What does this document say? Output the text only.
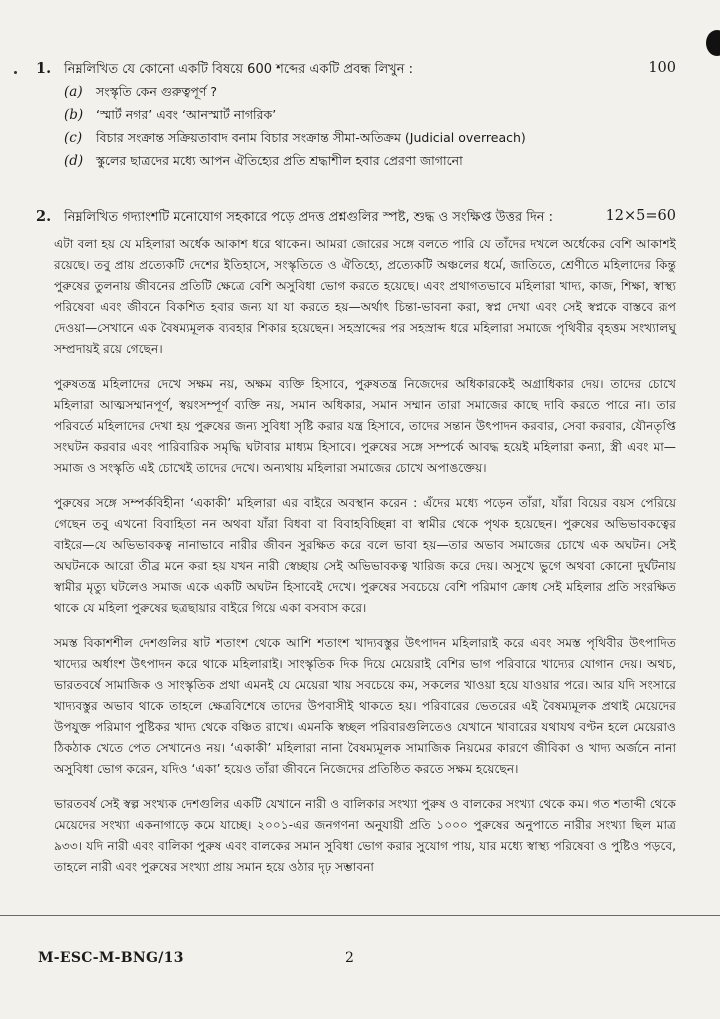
1. নিম্নলিখিত যে কোনো একটি বিষয়ে 600 শব্দের একটি প্রবন্ধ লিখুন :	100
(a)	সংস্কৃতি কেন গুরুত্বপূর্ণ ?
(b)	‘স্মার্ট নগর’ এবং ‘আনস্মার্ট নাগরিক’
(c)	বিচার সংক্রান্ত সক্রিয়তাবাদ বনাম বিচার সংক্রান্ত সীমা-অতিক্রম (Judicial overreach)
(d)	স্কুলের ছাত্রদের মধ্যে আপন ঐতিহ্যের প্রতি শ্রদ্ধাশীল হবার প্রেরণা জাগানো
2. নিম্নলিখিত গদ্যাংশটি মনোযোগ সহকারে পড়ে প্রদত্ত প্রশ্নগুলির স্পষ্ট, শুদ্ধ ও সংক্ষিপ্ত উত্তর দিন :	12×5=60

এটা বলা হয় যে মহিলারা অর্ধেক আকাশ ধরে থাকেন। আমরা জোরের সঙ্গে বলতে পারি যে তাঁদের দখলে অর্ধেকের বেশি আকাশই রয়েছে। তবু প্রায় প্রত্যেকটি দেশের ইতিহাসে, সংস্কৃতিতে ও ঐতিহ্যে, প্রত্যেকটি অঞ্চলের ধর্মে, জাতিতে, শ্রেণীতে মহিলাদের কিন্তু পুরুষের তুলনায় জীবনের প্রতিটি ক্ষেত্রে বেশি অসুবিধা ভোগ করতে হয়েছে। এবং প্রথাগতভাবে মহিলারা খাদ্য, কাজ, শিক্ষা, স্বাস্থ্য পরিষেবা এবং জীবনে বিকশিত হবার জন্য যা যা করতে হয়—অর্থাৎ চিন্তা-ভাবনা করা, স্বপ্ন দেখা এবং সেই স্বপ্নকে বাস্তবে রূপ দেওয়া—সেখানে এক বৈষম্যমূলক ব্যবহার শিকার হয়েছেন। সহস্রাব্দের পর সহস্রাব্দ ধরে মহিলারা সমাজে পৃথিবীর বৃহত্তম সংখ্যালঘু সম্প্রদায়ই রয়ে গেছেন।

পুরুষতন্ত্র মহিলাদের দেখে সক্ষম নয়, অক্ষম ব্যক্তি হিসাবে, পুরুষতন্ত্র নিজেদের অধিকারকেই অগ্রাধিকার দেয়। তাদের চোখে মহিলারা আত্মসম্মানপূর্ণ, স্বয়ংসম্পূর্ণ ব্যক্তি নয়, সমান অধিকার, সমান সম্মান তারা সমাজের কাছে দাবি করতে পারে না। তার পরিবর্তে মহিলাদের দেখা হয় পুরুষের জন্য সুবিধা সৃষ্টি করার যন্ত্র হিসাবে, তাদের সন্তান উৎপাদন করবার, সেবা করবার, যৌনতৃপ্তি সংঘটন করবার এবং পারিবারিক সমৃদ্ধি ঘটাবার মাধ্যম হিসাবে। পুরুষের সঙ্গে সম্পর্কে আবদ্ধ হয়েই মহিলারা কন্যা, স্ত্রী এবং মা—সমাজ ও সংস্কৃতি এই চোখেই তাদের দেখে। অন্যথায় মহিলারা সমাজের চোখে অপাঙক্তেয়।

পুরুষের সঙ্গে সম্পর্কবিহীনা ‘একাকী’ মহিলারা এর বাইরে অবস্থান করেন : এঁদের মধ্যে পড়েন তাঁরা, যাঁরা বিয়ের বয়স পেরিয়ে গেছেন তবু এখনো বিবাহিতা নন অথবা যাঁরা বিধবা বা বিবাহবিচ্ছিন্না বা স্বামীর থেকে পৃথক হয়েছেন। পুরুষের অভিভাবকত্বের বাইরে—যে অভিভাবকত্ব নানাভাবে নারীর জীবন সুরক্ষিত করে বলে ভাবা হয়—তার অভাব সমাজের চোখে এক অঘটন। সেই অঘটনকে আরো তীব্র মনে করা হয় যখন নারী স্বেচ্ছায় সেই অভিভাবকত্ব খারিজ করে দেয়। অসুখে ভুগে অথবা কোনো দুর্ঘটনায় স্বামীর মৃত্যু ঘটলেও সমাজ একে একটি অঘটন হিসাবেই দেখে। পুরুষের সবচেয়ে বেশি পরিমাণ ক্রোধ সেই মহিলার প্রতি সংরক্ষিত থাকে যে মহিলা পুরুষের ছত্রছায়ার বাইরে গিয়ে একা বসবাস করে।

সমস্ত বিকাশশীল দেশগুলির ষাট শতাংশ থেকে আশি শতাংশ খাদ্যবস্তুর উৎপাদন মহিলারাই করে এবং সমস্ত পৃথিবীর উৎপাদিত খাদ্যের অর্ধাংশ উৎপাদন করে থাকে মহিলারাই। সাংস্কৃতিক দিক দিয়ে মেয়েরাই বেশির ভাগ পরিবারে খাদ্যের যোগান দেয়। অথচ, ভারতবর্ষে সামাজিক ও সাংস্কৃতিক প্রথা এমনই যে মেয়েরা খায় সবচেয়ে কম, সকলের খাওয়া হয়ে যাওয়ার পরে। আর যদি সংসারে খাদ্যবস্তুর অভাব থাকে তাহলে ক্ষেত্রবিশেষে তাদের উপবাসীই থাকতে হয়। পরিবারের ভেতরের এই বৈষম্যমূলক প্রথাই মেয়েদের উপযুক্ত পরিমাণ পুষ্টিকর খাদ্য থেকে বঞ্চিত রাখে। এমনকি স্বচ্ছল পরিবারগুলিতেও যেখানে খাবারের যথাযথ বণ্টন হলে মেয়েরাও ঠিকঠাক খেতে পেত সেখানেও নয়। ‘একাকী’ মহিলারা নানা বৈষম্যমূলক সামাজিক নিয়মের কারণে জীবিকা ও খাদ্য অর্জনে নানা অসুবিধা ভোগ করেন, যদিও ‘একা’ হয়েও তাঁরা জীবনে নিজেদের প্রতিষ্ঠিত করতে সক্ষম হয়েছেন।

ভারতবর্ষ সেই স্বল্প সংখ্যক দেশগুলির একটি যেখানে নারী ও বালিকার সংখ্যা পুরুষ ও বালকের সংখ্যা থেকে কম। গত শতাব্দী থেকে মেয়েদের সংখ্যা একনাগাড়ে কমে যাচ্ছে। ২০০১-এর জনগণনা অনুযায়ী প্রতি ১০০০ পুরুষের অনুপাতে নারীর সংখ্যা ছিল মাত্র ৯৩৩। যদি নারী এবং বালিকা পুরুষ এবং বালকের সমান সুবিধা ভোগ করার সুযোগ পায়, যার মধ্যে স্বাস্থ্য পরিষেবা ও পুষ্টিও পড়বে, তাহলে নারী এবং পুরুষের সংখ্যা প্রায় সমান হয়ে ওঠার দৃঢ় সম্ভাবনা

M-ESC-M-BNG/13	2
